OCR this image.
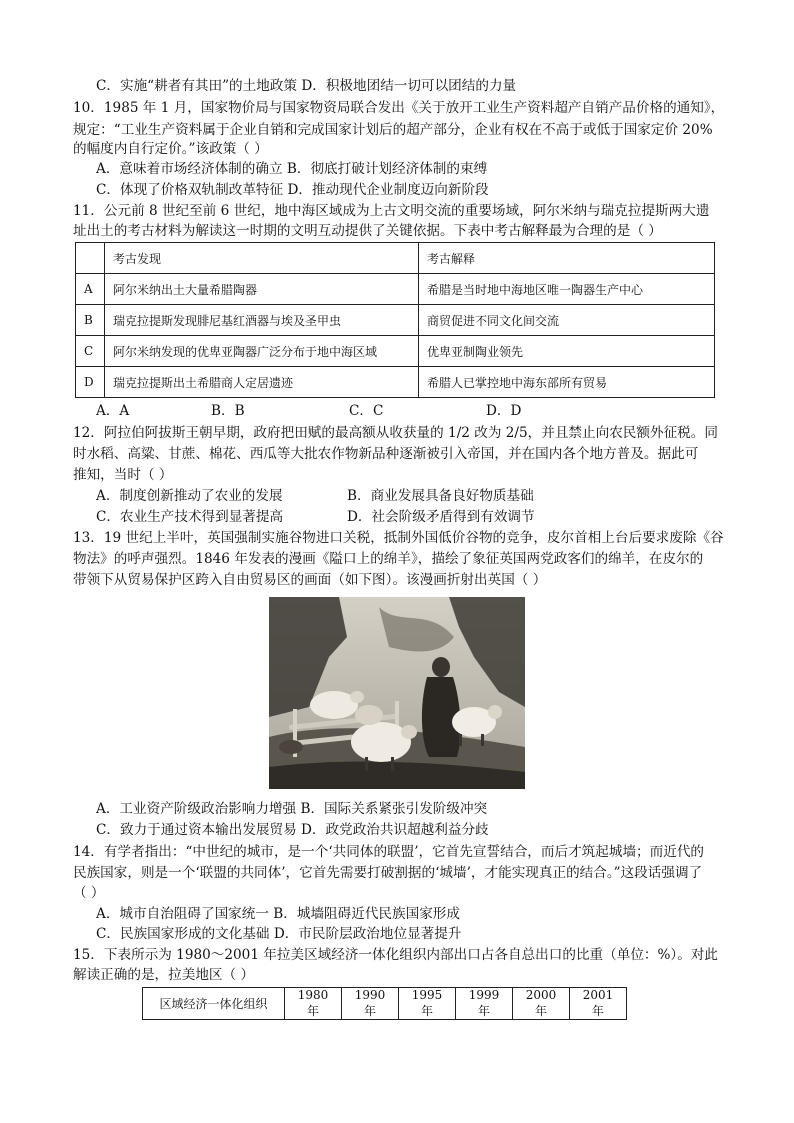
C．实施“耕者有其田”的土地政策 D．积极地团结一切可以团结的力量
10．1985 年 1 月，国家物价局与国家物资局联合发出《关于放开工业生产资料超产自销产品价格的通知》，
规定：“工业生产资料属于企业自销和完成国家计划后的超产部分，企业有权在不高于或低于国家定价 20%
的幅度内自行定价。”该政策（ ）
A．意味着市场经济体制的确立 B．彻底打破计划经济体制的束缚
C．体现了价格双轨制改革特征 D．推动现代企业制度迈向新阶段
11．公元前 8 世纪至前 6 世纪，地中海区域成为上古文明交流的重要场域，阿尔米纳与瑞克拉提斯两大遗
址出土的考古材料为解读这一时期的文明互动提供了关键依据。下表中考古解释最为合理的是（ ）
	考古发现	考古解释
A	阿尔米纳出土大量希腊陶器	希腊是当时地中海地区唯一陶器生产中心
B	瑞克拉提斯发现腓尼基红酒器与埃及圣甲虫	商贸促进不同文化间交流
C	阿尔米纳发现的优卑亚陶器广泛分布于地中海区域	优卑亚制陶业领先
D	瑞克拉提斯出土希腊商人定居遗迹	希腊人已掌控地中海东部所有贸易
A．A	B．B	C．C	D．D
12．阿拉伯阿拔斯王朝早期，政府把田赋的最高额从收获量的 1/2 改为 2/5，并且禁止向农民额外征税。同
时水稻、高粱、甘蔗、棉花、西瓜等大批农作物新品种逐渐被引入帝国，并在国内各个地方普及。据此可
推知，当时（ ）
A．制度创新推动了农业的发展	B．商业发展具备良好物质基础
C．农业生产技术得到显著提高	D．社会阶级矛盾得到有效调节
13．19 世纪上半叶，英国强制实施谷物进口关税，抵制外国低价谷物的竞争，皮尔首相上台后要求废除《谷
物法》的呼声强烈。1846 年发表的漫画《隘口上的绵羊》，描绘了象征英国两党政客们的绵羊，在皮尔的
带领下从贸易保护区跨入自由贸易区的画面（如下图）。该漫画折射出英国（ ）
A．工业资产阶级政治影响力增强 B．国际关系紧张引发阶级冲突
C．致力于通过资本输出发展贸易 D．政党政治共识超越利益分歧
14．有学者指出：“中世纪的城市，是一个‘共同体的联盟’，它首先宣誓结合，而后才筑起城墙；而近代的
民族国家，则是一个‘联盟的共同体’，它首先需要打破割据的‘城墙’，才能实现真正的结合。”这段话强调了
（ ）
A．城市自治阻碍了国家统一 B．城墙阻碍近代民族国家形成
C．民族国家形成的文化基础 D．市民阶层政治地位显著提升
15．下表所示为 1980～2001 年拉美区域经济一体化组织内部出口占各自总出口的比重（单位：%）。对此
解读正确的是，拉美地区（ ）
区域经济一体化组织	1980 年	1990 年	1995 年	1999 年	2000 年	2001 年
